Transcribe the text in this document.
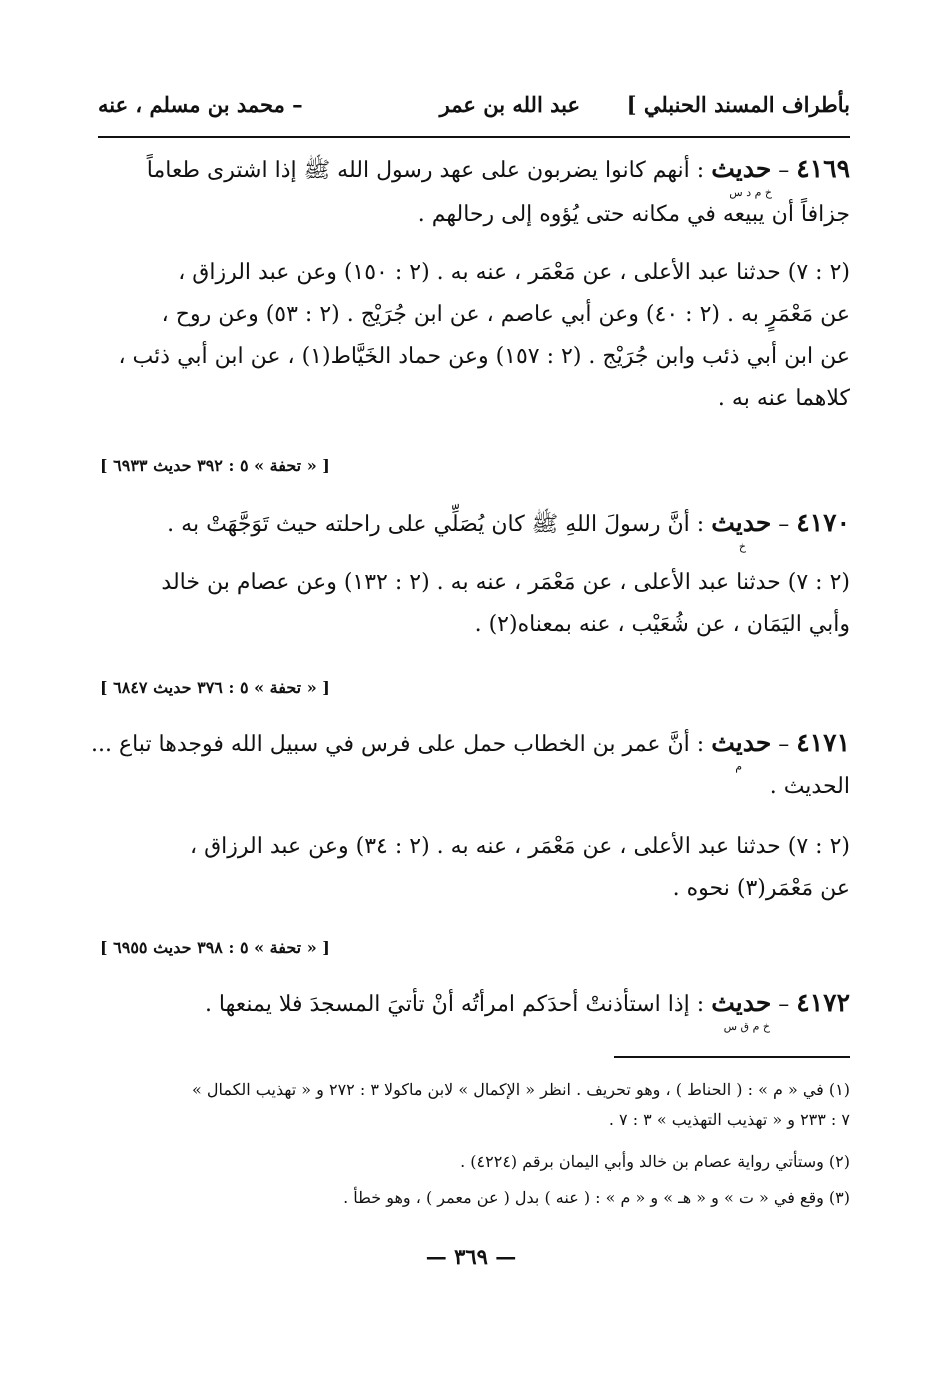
بأطراف المسند الحنبلي ]
عبد الله بن عمر
– محمد بن مسلم ، عنه
٤١٦٩ – حديث : أنهم كانوا يضربون على عهد رسول الله ﷺ إذا اشترى طعاماً
خ م د س
جزافاً أن يبيعه في مكانه حتى يُؤوه إلى رحالهم .
(٢ : ٧) حدثنا عبد الأعلى ، عن مَعْمَر ، عنه به . (٢ : ١٥٠) وعن عبد الرزاق ،
عن مَعْمَرٍ به . (٢ : ٤٠) وعن أبي عاصم ، عن ابن جُرَيْج . (٢ : ٥٣) وعن روح ،
عن ابن أبي ذئب وابن جُرَيْج . (٢ : ١٥٧) وعن حماد الخَيَّاط(١) ، عن ابن أبي ذئب ،
كلاهما عنه به .
[ « تحفة » ٥ : ٣٩٢ حديث ٦٩٣٣ ]
٤١٧٠ – حديث : أنَّ رسولَ اللهِ ﷺ كان يُصَلِّي على راحلته حيث تَوَجَّهَتْ به .
خ
(٢ : ٧) حدثنا عبد الأعلى ، عن مَعْمَر ، عنه به . (٢ : ١٣٢) وعن عصام بن خالد
وأبي اليَمَان ، عن شُعَيْب ، عنه بمعناه(٢) .
[ « تحفة » ٥ : ٣٧٦ حديث ٦٨٤٧ ]
٤١٧١ – حديث : أنَّ عمر بن الخطاب حمل على فرس في سبيل الله فوجدها تباع ...
م
الحديث .
(٢ : ٧) حدثنا عبد الأعلى ، عن مَعْمَر ، عنه به . (٢ : ٣٤) وعن عبد الرزاق ،
عن مَعْمَر(٣) نحوه .
[ « تحفة » ٥ : ٣٩٨ حديث ٦٩٥٥ ]
٤١٧٢ – حديث : إذا استأذنتْ أحدَكم امرأتُه أنْ تأتيَ المسجدَ فلا يمنعها .
خ م ق س
(١) في « م » : ( الحناط ) ، وهو تحريف . انظر « الإكمال » لابن ماكولا ٣ : ٢٧٢ و « تهذيب الكمال »
٧ : ٢٣٣ و « تهذيب التهذيب » ٣ : ٧ .
(٢) وستأتي رواية عصام بن خالد وأبي اليمان برقم (٤٢٢٤) .
(٣) وقع في « ت » و « هـ » و « م » : ( عنه ) بدل ( عن معمر ) ، وهو خطأ .
— ٣٦٩ —
